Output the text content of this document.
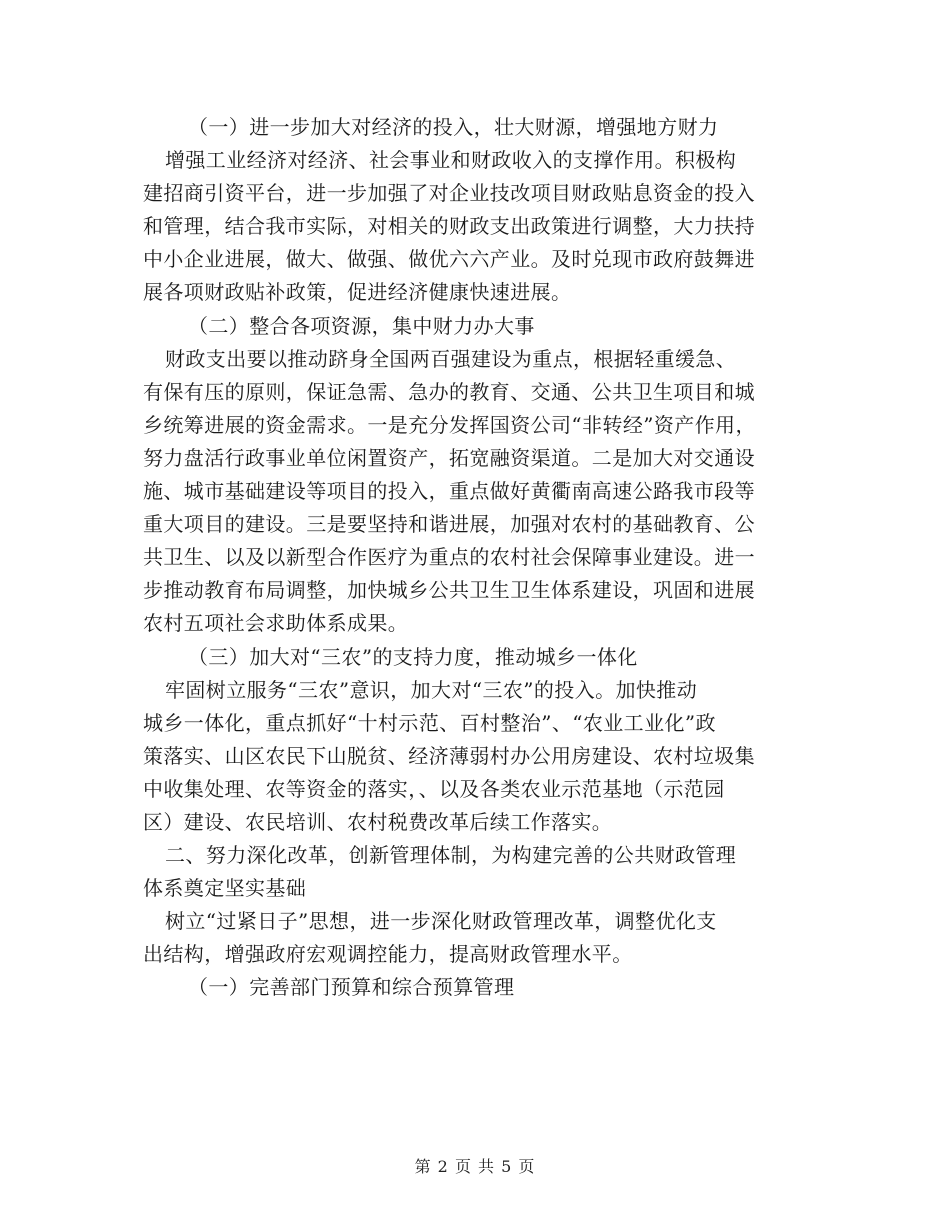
（一）进一步加大对经济的投入，壮大财源，增强地方财力
增强工业经济对经济、社会事业和财政收入的支撑作用。积极构
建招商引资平台，进一步加强了对企业技改项目财政贴息资金的投入
和管理，结合我市实际，对相关的财政支出政策进行调整，大力扶持
中小企业进展，做大、做强、做优六六产业。及时兑现市政府鼓舞进
展各项财政贴补政策，促进经济健康快速进展。
（二）整合各项资源，集中财力办大事
财政支出要以推动跻身全国两百强建设为重点，根据轻重缓急、
有保有压的原则，保证急需、急办的教育、交通、公共卫生项目和城
乡统筹进展的资金需求。一是充分发挥国资公司“非转经”资产作用，
努力盘活行政事业单位闲置资产，拓宽融资渠道。二是加大对交通设
施、城市基础建设等项目的投入，重点做好黄衢南高速公路我市段等
重大项目的建设。三是要坚持和谐进展，加强对农村的基础教育、公
共卫生、以及以新型合作医疗为重点的农村社会保障事业建设。进一
步推动教育布局调整，加快城乡公共卫生卫生体系建设，巩固和进展
农村五项社会求助体系成果。
（三）加大对“三农”的支持力度，推动城乡一体化
牢固树立服务“三农”意识，加大对“三农”的投入。加快推动
城乡一体化，重点抓好“十村示范、百村整治”、“农业工业化”政
策落实、山区农民下山脱贫、经济薄弱村办公用房建设、农村垃圾集
中收集处理、农等资金的落实，、以及各类农业示范基地（示范园
区）建设、农民培训、农村税费改革后续工作落实。
二、努力深化改革，创新管理体制，为构建完善的公共财政管理
体系奠定坚实基础
树立“过紧日子”思想，进一步深化财政管理改革，调整优化支
出结构，增强政府宏观调控能力，提高财政管理水平。
（一）完善部门预算和综合预算管理
第 2 页 共 5 页
